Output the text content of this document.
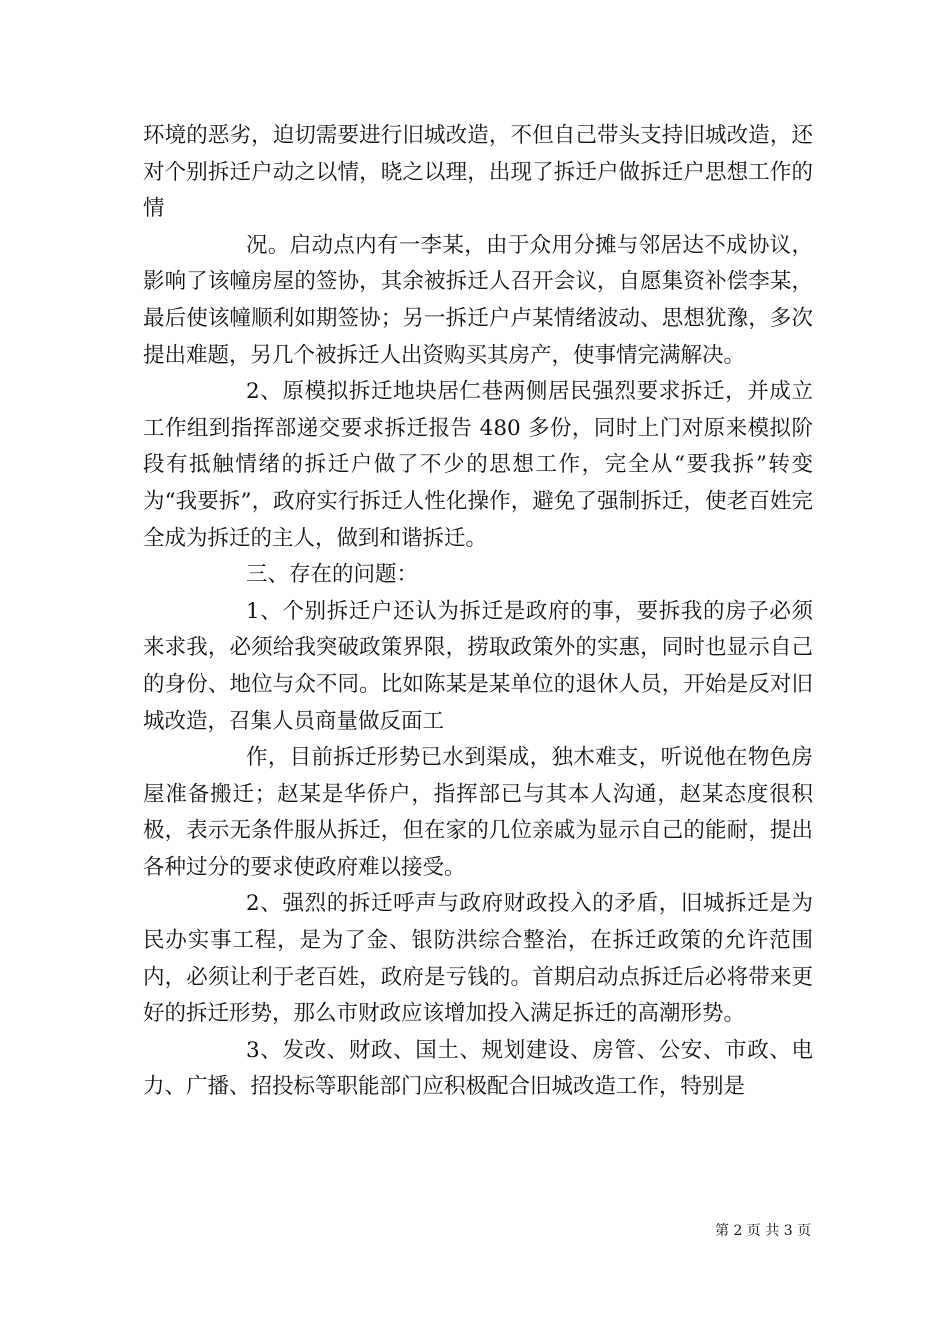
环境的恶劣，迫切需要进行旧城改造，不但自己带头支持旧城改造，还对个别拆迁户动之以情，晓之以理，出现了拆迁户做拆迁户思想工作的情

况。启动点内有一李某，由于众用分摊与邻居达不成协议，影响了该幢房屋的签协，其余被拆迁人召开会议，自愿集资补偿李某，最后使该幢顺利如期签协；另一拆迁户卢某情绪波动、思想犹豫，多次提出难题，另几个被拆迁人出资购买其房产，使事情完满解决。

2、原模拟拆迁地块居仁巷两侧居民强烈要求拆迁，并成立工作组到指挥部递交要求拆迁报告 480 多份，同时上门对原来模拟阶段有抵触情绪的拆迁户做了不少的思想工作，完全从“要我拆”转变为“我要拆”，政府实行拆迁人性化操作，避免了强制拆迁，使老百姓完全成为拆迁的主人，做到和谐拆迁。

三、存在的问题：

1、个别拆迁户还认为拆迁是政府的事，要拆我的房子必须来求我，必须给我突破政策界限，捞取政策外的实惠，同时也显示自己的身份、地位与众不同。比如陈某是某单位的退休人员，开始是反对旧城改造，召集人员商量做反面工

作，目前拆迁形势已水到渠成，独木难支，听说他在物色房屋准备搬迁；赵某是华侨户，指挥部已与其本人沟通，赵某态度很积极，表示无条件服从拆迁，但在家的几位亲戚为显示自己的能耐，提出各种过分的要求使政府难以接受。

2、强烈的拆迁呼声与政府财政投入的矛盾，旧城拆迁是为民办实事工程，是为了金、银防洪综合整治，在拆迁政策的允许范围内，必须让利于老百姓，政府是亏钱的。首期启动点拆迁后必将带来更好的拆迁形势，那么市财政应该增加投入满足拆迁的高潮形势。

3、发改、财政、国土、规划建设、房管、公安、市政、电力、广播、招投标等职能部门应积极配合旧城改造工作，特别是

第 2 页 共 3 页
